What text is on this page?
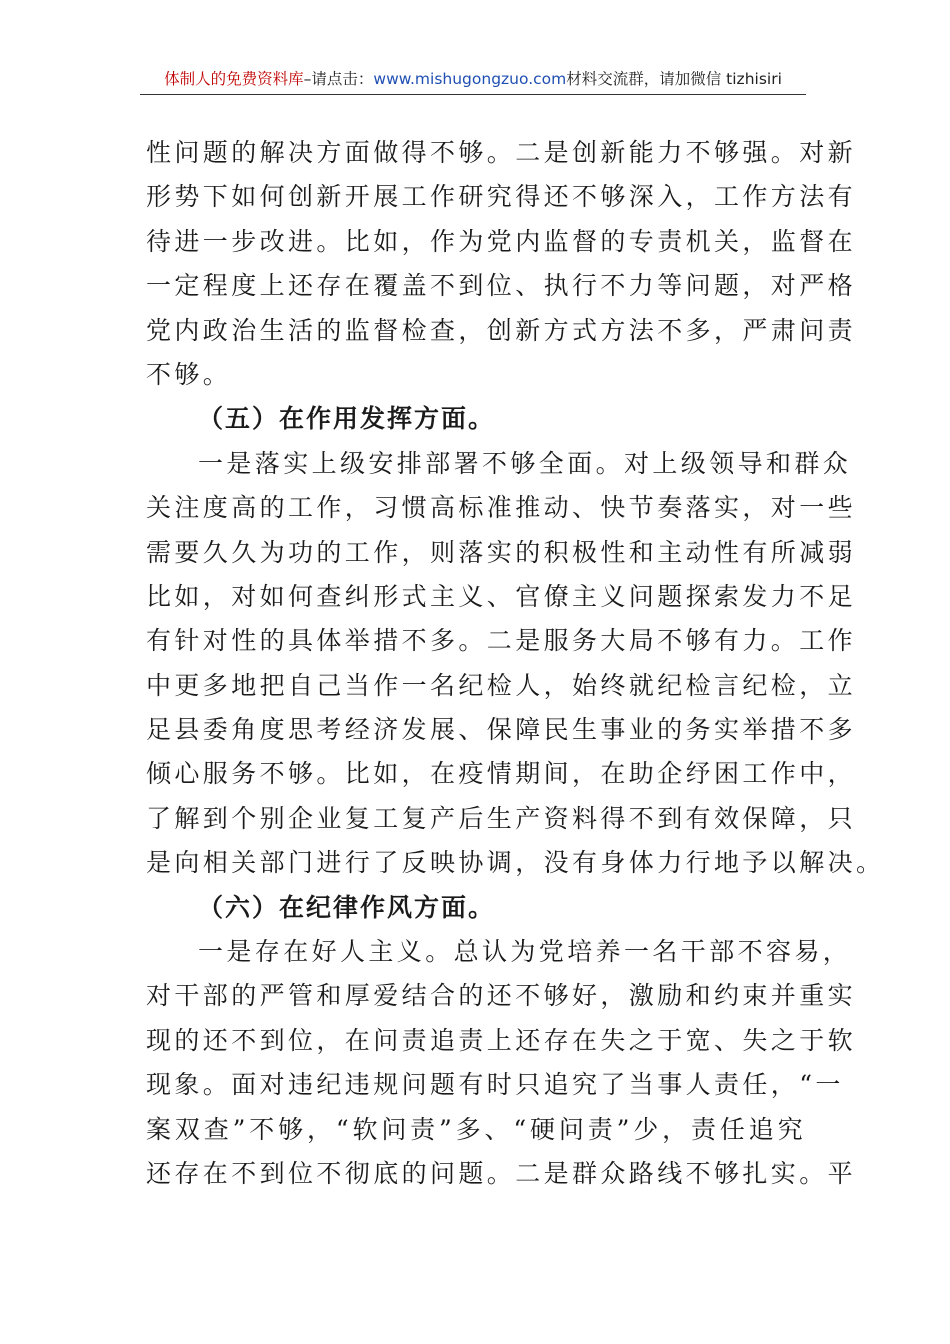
体制人的免费资料库–请点击：www.mishugongzuo.com材料交流群，请加微信 tizhisiri
性问题的解决方面做得不够。二是创新能力不够强。对新
形势下如何创新开展工作研究得还不够深入，工作方法有
待进一步改进。比如，作为党内监督的专责机关，监督在
一定程度上还存在覆盖不到位、执行不力等问题，对严格
党内政治生活的监督检查，创新方式方法不多，严肃问责
不够。
（五）在作用发挥方面。
一是落实上级安排部署不够全面。对上级领导和群众
关注度高的工作，习惯高标准推动、快节奏落实，对一些
需要久久为功的工作，则落实的积极性和主动性有所减弱
比如，对如何查纠形式主义、官僚主义问题探索发力不足
有针对性的具体举措不多。二是服务大局不够有力。工作
中更多地把自己当作一名纪检人，始终就纪检言纪检，立
足县委角度思考经济发展、保障民生事业的务实举措不多
倾心服务不够。比如，在疫情期间，在助企纾困工作中，
了解到个别企业复工复产后生产资料得不到有效保障，只
是向相关部门进行了反映协调，没有身体力行地予以解决。
（六）在纪律作风方面。
一是存在好人主义。总认为党培养一名干部不容易，
对干部的严管和厚爱结合的还不够好，激励和约束并重实
现的还不到位，在问责追责上还存在失之于宽、失之于软
现象。面对违纪违规问题有时只追究了当事人责任，“一
案双查”不够，“软问责”多、“硬问责”少，责任追究
还存在不到位不彻底的问题。二是群众路线不够扎实。平
